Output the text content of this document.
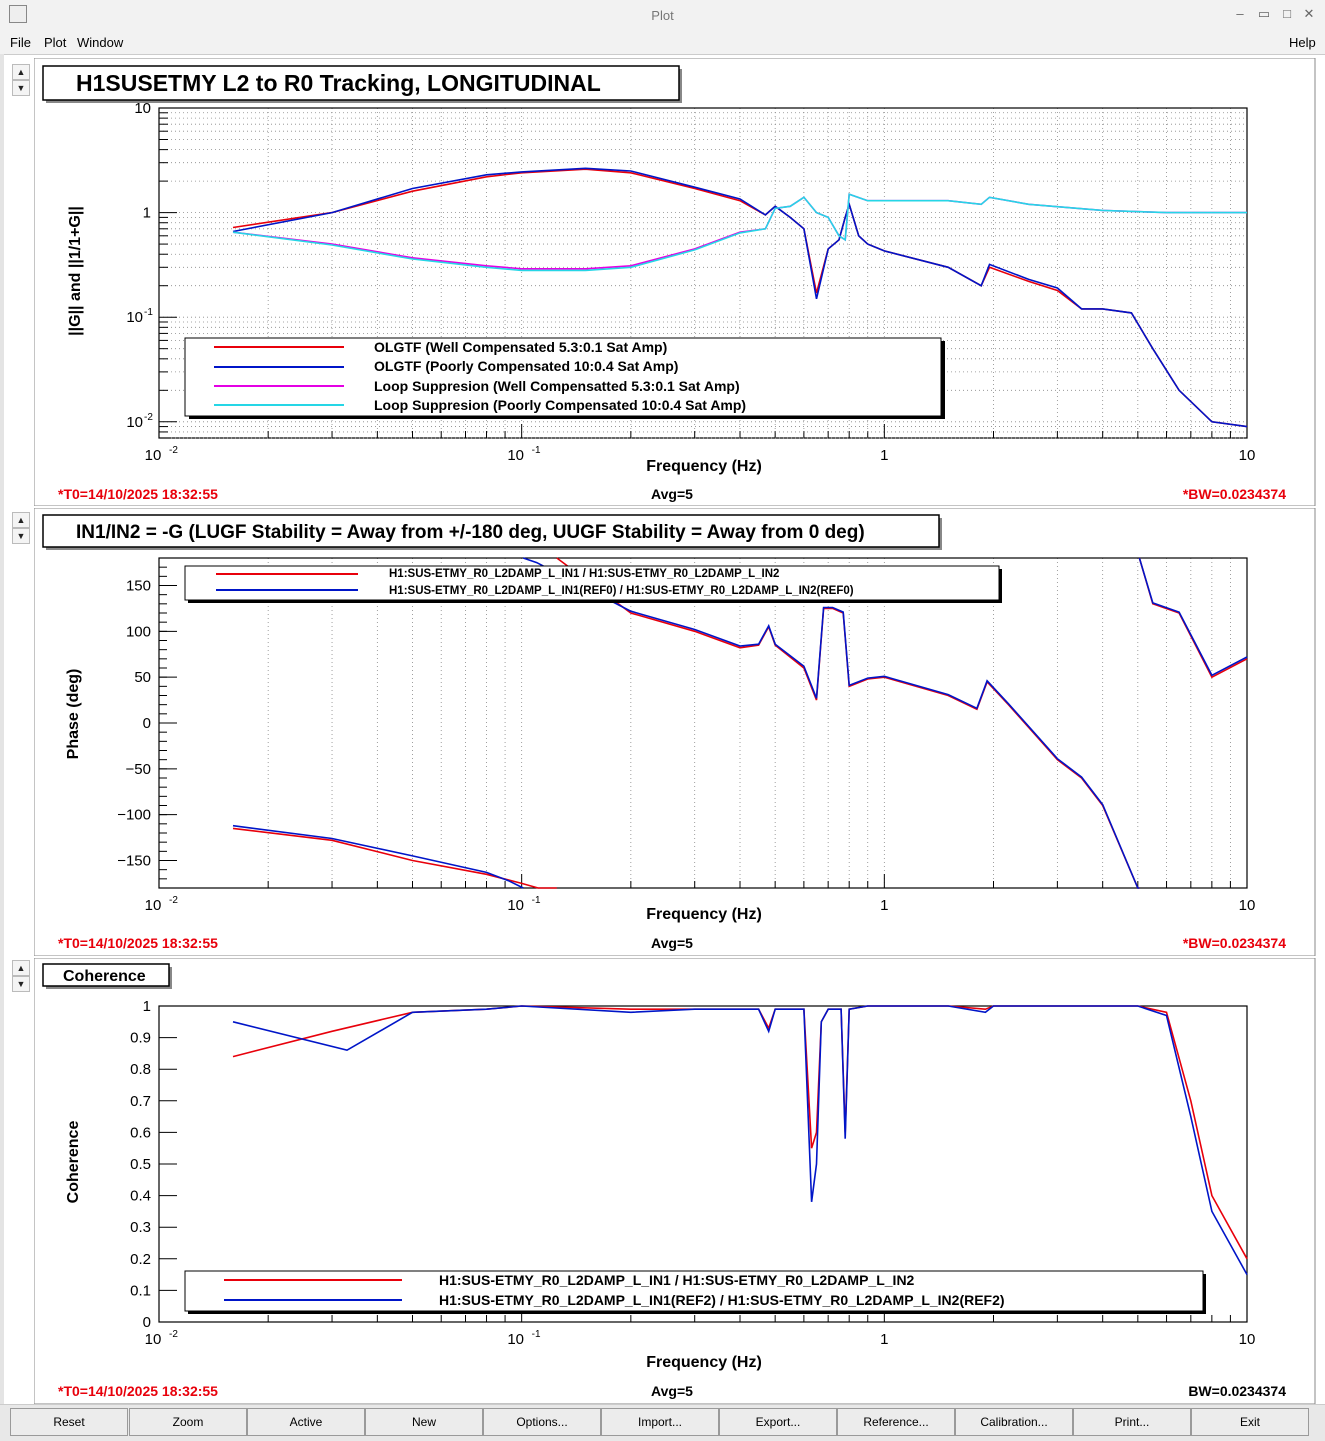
Plot	–	▭ □ ✕
File Plot Window	Help
▲
▼ H1SUSETMY L2 to R0 Tracking, LONGITUDINAL
10 -2	10 -1	1	10
10
1
10 -1
10 -2
Frequency (Hz)
||G|| and ||1/1+G||
*T0=14/10/2025 18:32:55	Avg=5	*BW=0.0234374
OLGTF (Well Compensated 5.3:0.1 Sat Amp)
OLGTF (Poorly Compensated 10:0.4 Sat Amp)
Loop Suppresion (Well Compensatted 5.3:0.1 Sat Amp)
Loop Suppresion (Poorly Compensated 10:0.4 Sat Amp)
▲
▼	IN1/IN2 = -G (LUGF Stability = Away from +/-180 deg, UUGF Stability = Away from 0 deg)
10 -2	10 -1	1	10
−150
−100
−50
0
50
100
150
Frequency (Hz)
Phase (deg)
*T0=14/10/2025 18:32:55	Avg=5	*BW=0.0234374
H1:SUS-ETMY_R0_L2DAMP_L_IN1 / H1:SUS-ETMY_R0_L2DAMP_L_IN2
H1:SUS-ETMY_R0_L2DAMP_L_IN1(REF0) / H1:SUS-ETMY_R0_L2DAMP_L_IN2(REF0)
▲
▼ Coherence
10 -2	10 -1	1	10
1
0.9
0.8
0.7
0.6
0.5
0.4
0.3
0.2
0.1
0
Frequency (Hz)
Coherence
*T0=14/10/2025 18:32:55	Avg=5	BW=0.0234374
H1:SUS-ETMY_R0_L2DAMP_L_IN1 / H1:SUS-ETMY_R0_L2DAMP_L_IN2
H1:SUS-ETMY_R0_L2DAMP_L_IN1(REF2) / H1:SUS-ETMY_R0_L2DAMP_L_IN2(REF2)
Reset	Zoom	Active	New	Options...	Import...	Export...	Reference...	Calibration...	Print...	Exit
